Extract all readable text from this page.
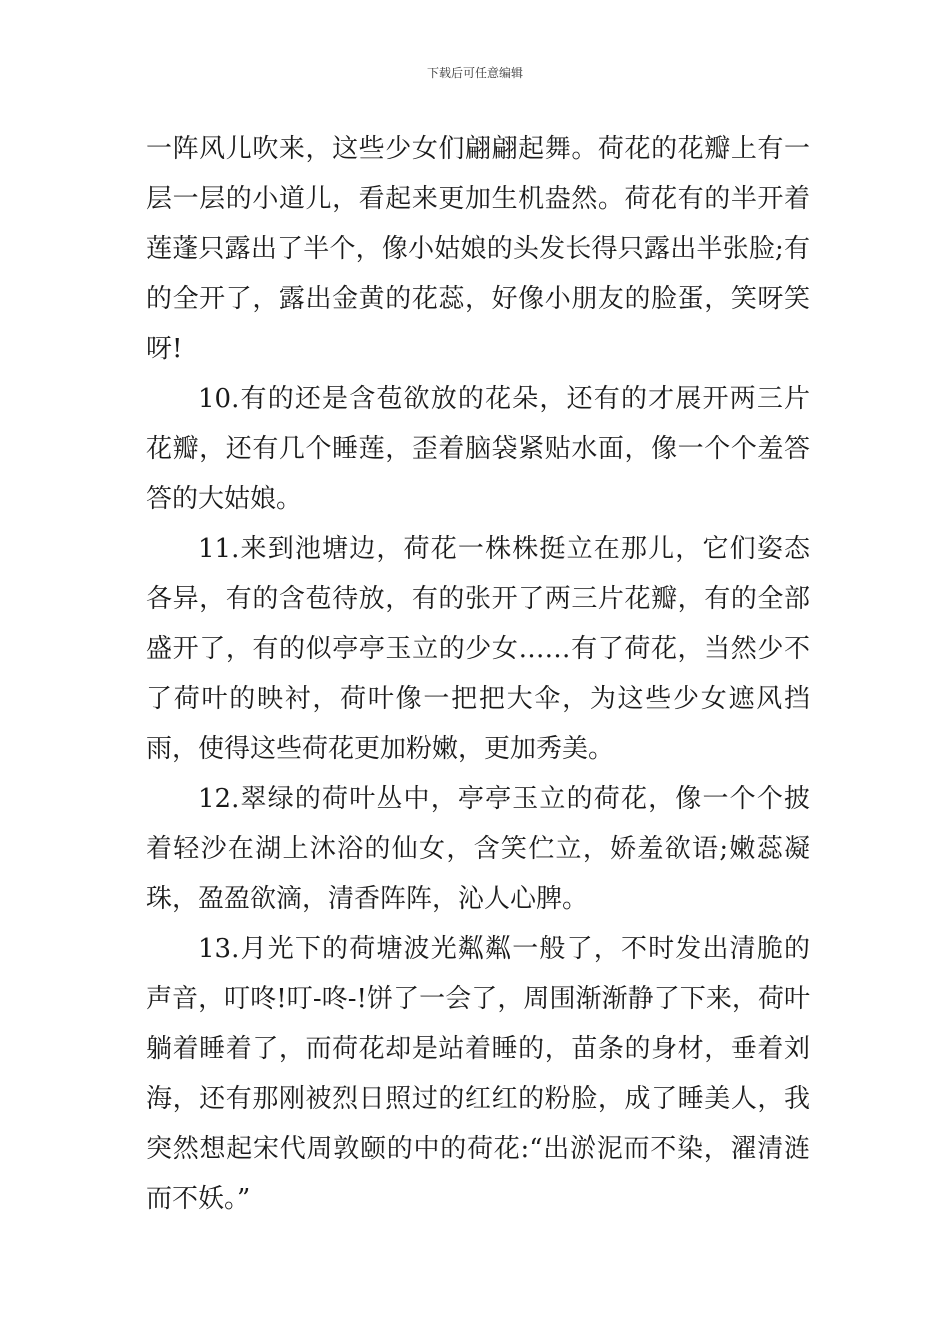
下载后可任意编辑

一阵风儿吹来，这些少女们翩翩起舞。荷花的花瓣上有一层一层的小道儿，看起来更加生机盎然。荷花有的半开着莲蓬只露出了半个，像小姑娘的头发长得只露出半张脸;有的全开了，露出金黄的花蕊，好像小朋友的脸蛋，笑呀笑呀!

10.有的还是含苞欲放的花朵，还有的才展开两三片花瓣，还有几个睡莲，歪着脑袋紧贴水面，像一个个羞答答的大姑娘。

11.来到池塘边，荷花一株株挺立在那儿，它们姿态各异，有的含苞待放，有的张开了两三片花瓣，有的全部盛开了，有的似亭亭玉立的少女……有了荷花，当然少不了荷叶的映衬，荷叶像一把把大伞，为这些少女遮风挡雨，使得这些荷花更加粉嫩，更加秀美。

12.翠绿的荷叶丛中，亭亭玉立的荷花，像一个个披着轻沙在湖上沐浴的仙女，含笑伫立，娇羞欲语;嫩蕊凝珠，盈盈欲滴，清香阵阵，沁人心脾。

13.月光下的荷塘波光粼粼一般了，不时发出清脆的声音，叮咚!叮-咚-!饼了一会了，周围渐渐静了下来，荷叶躺着睡着了，而荷花却是站着睡的，苗条的身材，垂着刘海，还有那刚被烈日照过的红红的粉脸，成了睡美人，我突然想起宋代周敦颐的中的荷花:“出淤泥而不染，濯清涟而不妖。”
